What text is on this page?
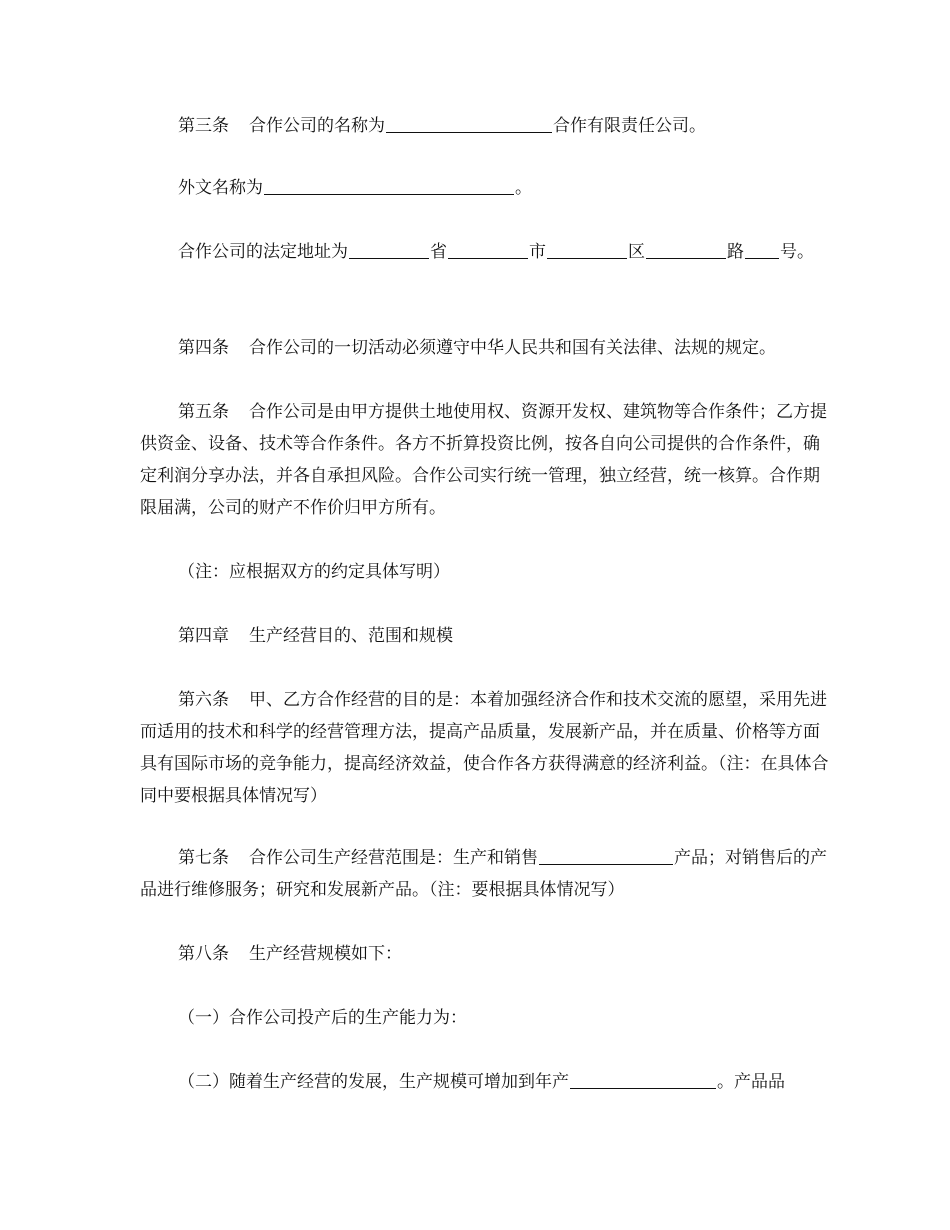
第三条 合作公司的名称为	合作有限责任公司。

外文名称为	。

合作公司的法定地址为	省	市	区	路 号。

第四条 合作公司的一切活动必须遵守中华人民共和国有关法律、法规的规定。

第五条 合作公司是由甲方提供土地使用权、资源开发权、建筑物等合作条件；乙方提供资金、设备、技术等合作条件。各方不折算投资比例，按各自向公司提供的合作条件，确定利润分享办法，并各自承担风险。合作公司实行统一管理，独立经营，统一核算。合作期限届满，公司的财产不作价归甲方所有。

（注：应根据双方的约定具体写明）

第四章 生产经营目的、范围和规模

第六条 甲、乙方合作经营的目的是：本着加强经济合作和技术交流的愿望，采用先进而适用的技术和科学的经营管理方法，提高产品质量，发展新产品，并在质量、价格等方面具有国际市场的竞争能力，提高经济效益，使合作各方获得满意的经济利益。（注：在具体合同中要根据具体情况写）

第七条 合作公司生产经营范围是：生产和销售	产品；对销售后的产品进行维修服务；研究和发展新产品。（注：要根据具体情况写）

第八条 生产经营规模如下：

（一）合作公司投产后的生产能力为：

（二）随着生产经营的发展，生产规模可增加到年产	。产品品
